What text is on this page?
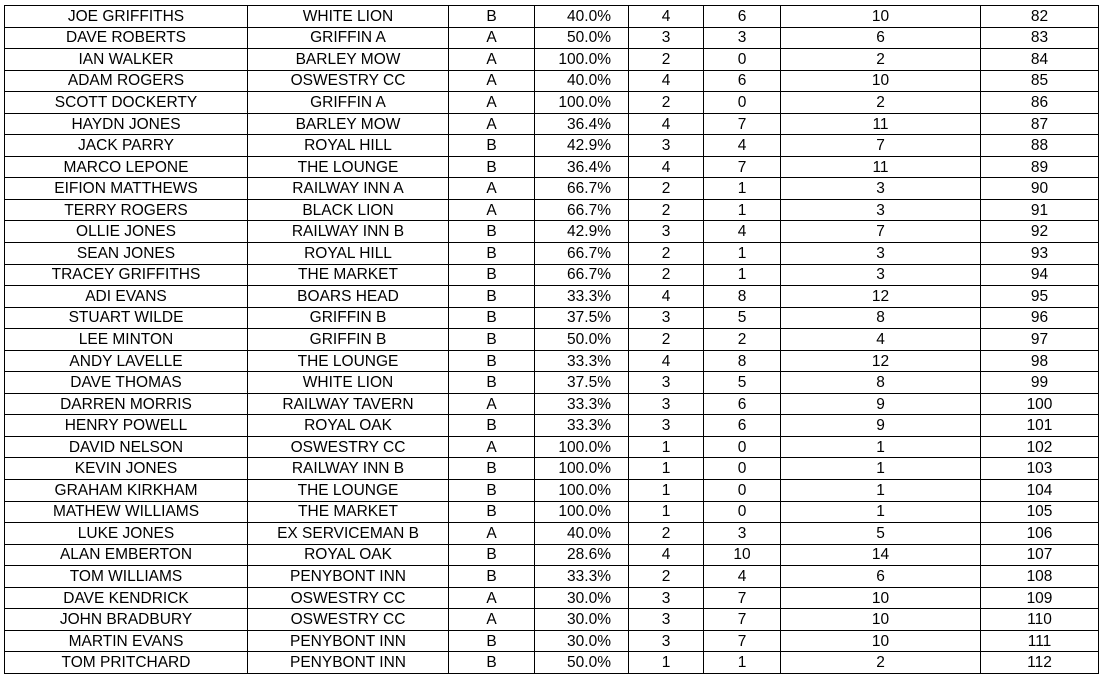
JOE GRIFFITHS	WHITE LION	B	40.0%	4	6	10	82
DAVE ROBERTS	GRIFFIN A	A	50.0%	3	3	6	83
IAN WALKER	BARLEY MOW	A	100.0%	2	0	2	84
ADAM ROGERS	OSWESTRY CC	A	40.0%	4	6	10	85
SCOTT DOCKERTY	GRIFFIN A	A	100.0%	2	0	2	86
HAYDN JONES	BARLEY MOW	A	36.4%	4	7	11	87
JACK PARRY	ROYAL HILL	B	42.9%	3	4	7	88
MARCO LEPONE	THE LOUNGE	B	36.4%	4	7	11	89
EIFION MATTHEWS	RAILWAY INN A	A	66.7%	2	1	3	90
TERRY ROGERS	BLACK LION	A	66.7%	2	1	3	91
OLLIE JONES	RAILWAY INN B	B	42.9%	3	4	7	92
SEAN JONES	ROYAL HILL	B	66.7%	2	1	3	93
TRACEY GRIFFITHS	THE MARKET	B	66.7%	2	1	3	94
ADI EVANS	BOARS HEAD	B	33.3%	4	8	12	95
STUART WILDE	GRIFFIN B	B	37.5%	3	5	8	96
LEE MINTON	GRIFFIN B	B	50.0%	2	2	4	97
ANDY LAVELLE	THE LOUNGE	B	33.3%	4	8	12	98
DAVE THOMAS	WHITE LION	B	37.5%	3	5	8	99
DARREN MORRIS	RAILWAY TAVERN	A	33.3%	3	6	9	100
HENRY POWELL	ROYAL OAK	B	33.3%	3	6	9	101
DAVID NELSON	OSWESTRY CC	A	100.0%	1	0	1	102
KEVIN JONES	RAILWAY INN B	B	100.0%	1	0	1	103
GRAHAM KIRKHAM	THE LOUNGE	B	100.0%	1	0	1	104
MATHEW WILLIAMS	THE MARKET	B	100.0%	1	0	1	105
LUKE JONES	EX SERVICEMAN B	A	40.0%	2	3	5	106
ALAN EMBERTON	ROYAL OAK	B	28.6%	4	10	14	107
TOM WILLIAMS	PENYBONT INN	B	33.3%	2	4	6	108
DAVE KENDRICK	OSWESTRY CC	A	30.0%	3	7	10	109
JOHN BRADBURY	OSWESTRY CC	A	30.0%	3	7	10	110
MARTIN EVANS	PENYBONT INN	B	30.0%	3	7	10	111
TOM PRITCHARD	PENYBONT INN	B	50.0%	1	1	2	112
